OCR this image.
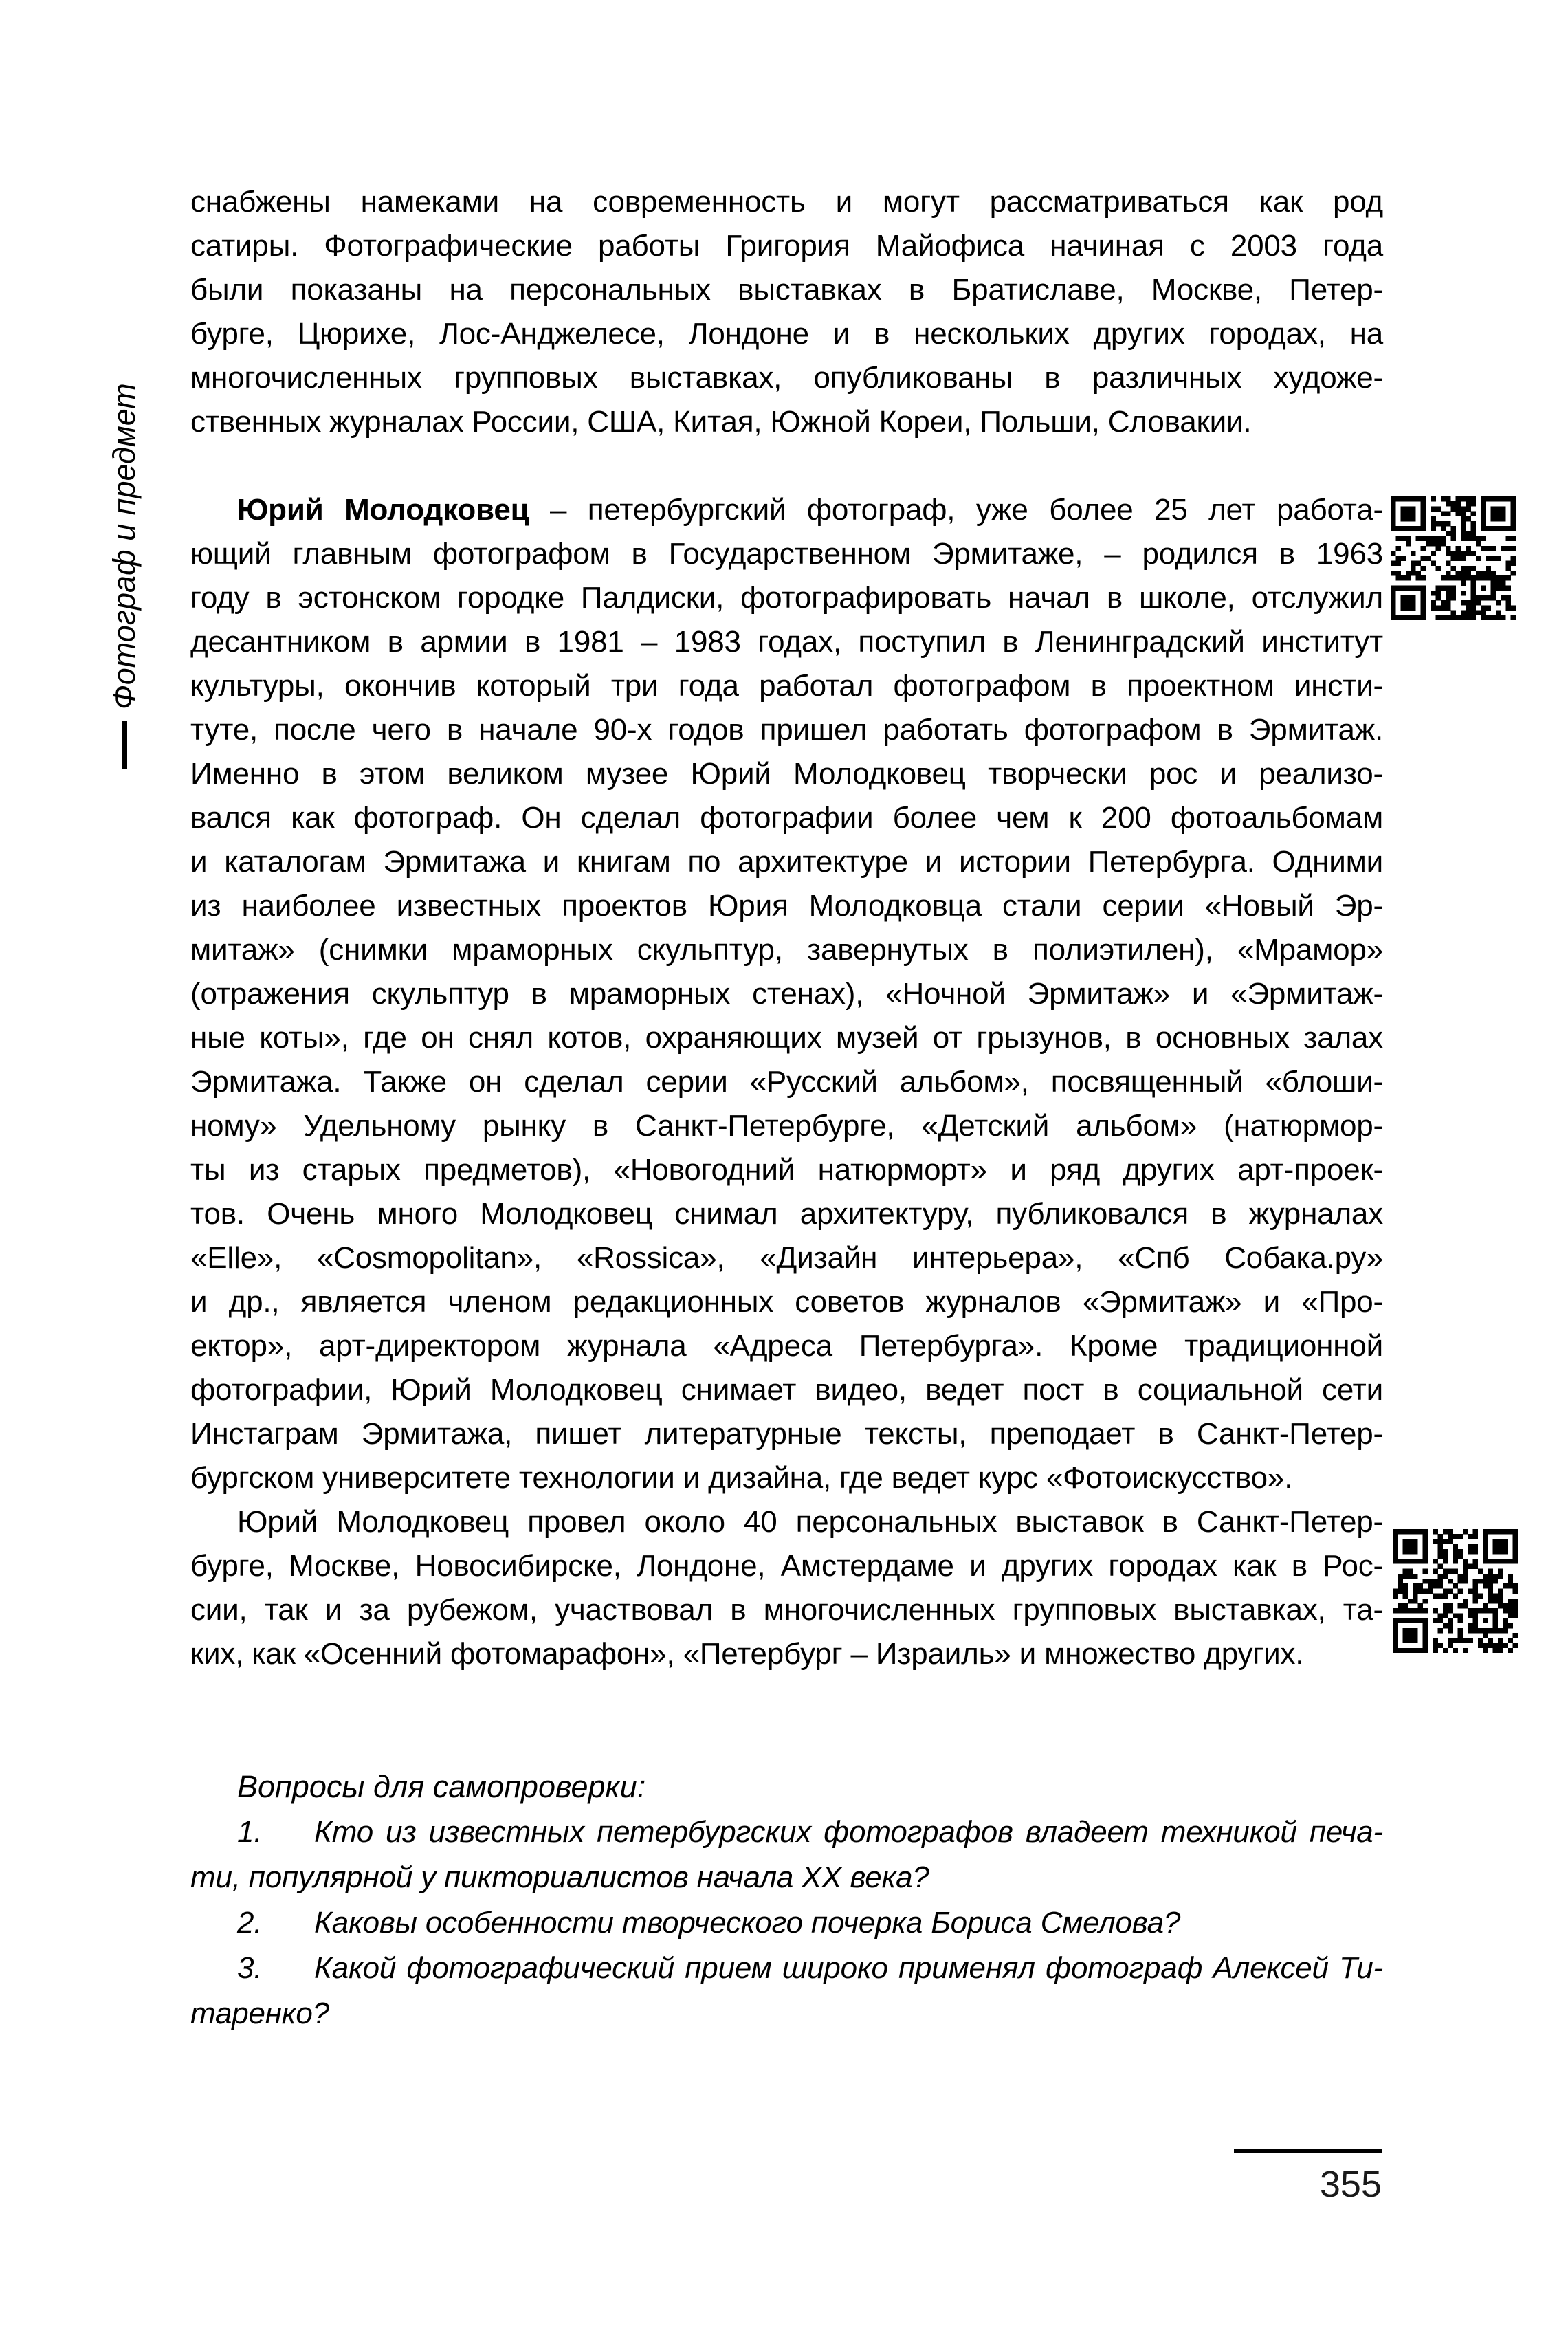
Фотограф и предмет
снабжены намеками на современность и могут рассматриваться как род
сатиры. Фотографические работы Григория Майофиса начиная с 2003 года
были показаны на персональных выставках в Братиславе, Москве, Петер-
бурге, Цюрихе, Лос-Анджелесе, Лондоне и в нескольких других городах, на
многочисленных групповых выставках, опубликованы в различных художе-
ственных журналах России, США, Китая, Южной Кореи, Польши, Словакии.
Юрий Молодковец – петербургский фотограф, уже более 25 лет работа-
ющий главным фотографом в Государственном Эрмитаже, – родился в 1963
году в эстонском городке Палдиски, фотографировать начал в школе, отслужил
десантником в армии в 1981 – 1983 годах, поступил в Ленинградский институт
культуры, окончив который три года работал фотографом в проектном инсти-
туте, после чего в начале 90-х годов пришел работать фотографом в Эрмитаж.
Именно в этом великом музее Юрий Молодковец творчески рос и реализо-
вался как фотограф. Он сделал фотографии более чем к 200 фотоальбомам
и каталогам Эрмитажа и книгам по архитектуре и истории Петербурга. Одними
из наиболее известных проектов Юрия Молодковца стали серии «Новый Эр-
митаж» (снимки мраморных скульптур, завернутых в полиэтилен), «Мрамор»
(отражения скульптур в мраморных стенах), «Ночной Эрмитаж» и «Эрмитаж-
ные коты», где он снял котов, охраняющих музей от грызунов, в основных залах
Эрмитажа. Также он сделал серии «Русский альбом», посвященный «блоши-
ному» Удельному рынку в Санкт-Петербурге, «Детский альбом» (натюрмор-
ты из старых предметов), «Новогодний натюрморт» и ряд других арт-проек-
тов. Очень много Молодковец снимал архитектуру, публиковался в журналах
«Elle», «Cosmopolitan», «Rossica», «Дизайн интерьера», «Спб Собака.ру»
и др., является членом редакционных советов журналов «Эрмитаж» и «Про-
ектор», арт-директором журнала «Адреса Петербурга». Кроме традиционной
фотографии, Юрий Молодковец снимает видео, ведет пост в социальной сети
Инстаграм Эрмитажа, пишет литературные тексты, преподает в Санкт-Петер-
бургском университете технологии и дизайна, где ведет курс «Фотоискусство».
Юрий Молодковец провел около 40 персональных выставок в Санкт-Петер-
бурге, Москве, Новосибирске, Лондоне, Амстердаме и других городах как в Рос-
сии, так и за рубежом, участвовал в многочисленных групповых выставках, та-
ких, как «Осенний фотомарафон», «Петербург – Израиль» и множество других.
Вопросы для самопроверки:
1. Кто из известных петербургских фотографов владеет техникой печа-
ти, популярной у пикториалистов начала XX века?
2. Каковы особенности творческого почерка Бориса Смелова?
3. Какой фотографический прием широко применял фотограф Алексей Ти-
таренко?
355
